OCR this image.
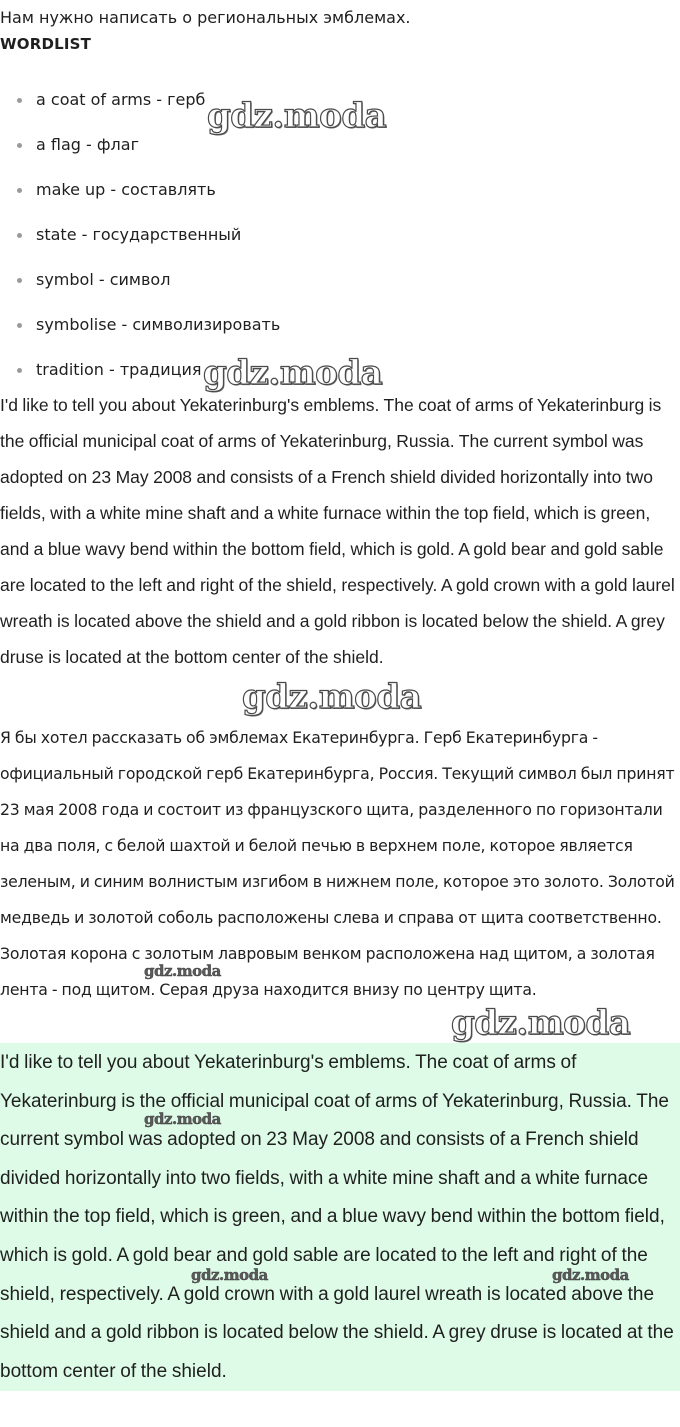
Нам нужно написать о региональных эмблемах.
WORDLIST
a coat of arms - герб
a flag - флаг
make up - составлять
state - государственный
symbol - символ
symbolise - символизировать
tradition - традиция

I'd like to tell you about Yekaterinburg's emblems. The coat of arms of Yekaterinburg is the official municipal coat of arms of Yekaterinburg, Russia. The current symbol was adopted on 23 May 2008 and consists of a French shield divided horizontally into two fields, with a white mine shaft and a white furnace within the top field, which is green, and a blue wavy bend within the bottom field, which is gold. A gold bear and gold sable are located to the left and right of the shield, respectively. A gold crown with a gold laurel wreath is located above the shield and a gold ribbon is located below the shield. A grey druse is located at the bottom center of the shield.

Я бы хотел рассказать об эмблемах Екатеринбурга. Герб Екатеринбурга - официальный городской герб Екатеринбурга, Россия. Текущий символ был принят 23 мая 2008 года и состоит из французского щита, разделенного по горизонтали на два поля, с белой шахтой и белой печью в верхнем поле, которое является зеленым, и синим волнистым изгибом в нижнем поле, которое это золото. Золотой медведь и золотой соболь расположены слева и справа от щита соответственно. Золотая корона с золотым лавровым венком расположена над щитом, а золотая лента - под щитом. Серая друза находится внизу по центру щита.

I'd like to tell you about Yekaterinburg's emblems. The coat of arms of Yekaterinburg is the official municipal coat of arms of Yekaterinburg, Russia. The current symbol was adopted on 23 May 2008 and consists of a French shield divided horizontally into two fields, with a white mine shaft and a white furnace within the top field, which is green, and a blue wavy bend within the bottom field, which is gold. A gold bear and gold sable are located to the left and right of the shield, respectively. A gold crown with a gold laurel wreath is located above the shield and a gold ribbon is located below the shield. A grey druse is located at the bottom center of the shield.
gdz.moda
gdz.moda
gdz.moda
gdz.moda
gdz.moda
gdz.moda
gdz.moda	gdz.moda
